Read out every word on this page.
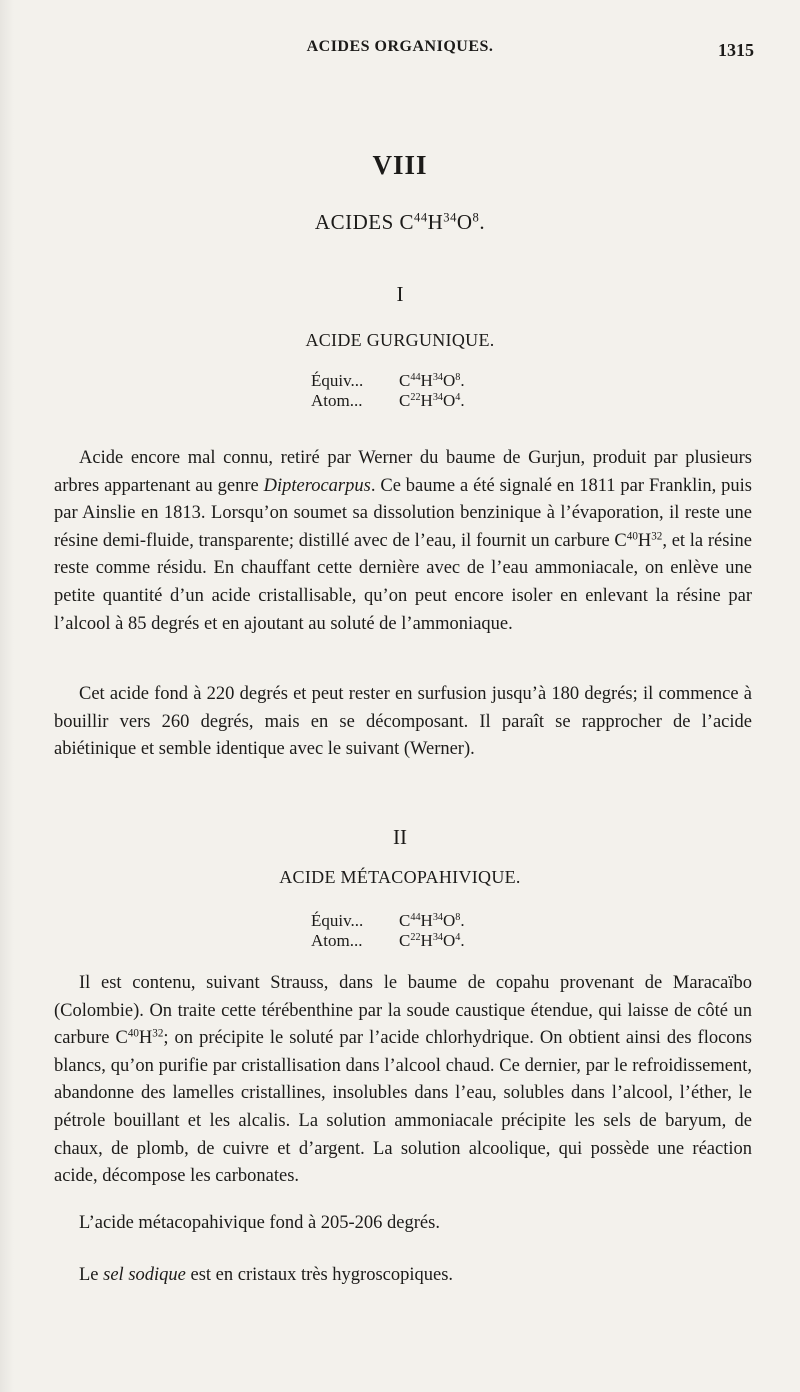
ACIDES ORGANIQUES.	1315
VIII
ACIDES $C^{44}H^{34}O^8$.
I
ACIDE GURGUNIQUE.
Équiv... $C^{44}H^{34}O^8$.
Atom... $C^{22}H^{34}O^4$.

Acide encore mal connu, retiré par Werner du baume de Gurjun, produit par plusieurs arbres appartenant au genre Dipterocarpus. Ce baume a été signalé en 1811 par Franklin, puis par Ainslie en 1813. Lorsqu’on soumet sa dissolution benzinique à l’évaporation, il reste une résine demi-fluide, transparente; distillé avec de l’eau, il fournit un carbure $C^{40}H^{32}$, et la résine reste comme résidu. En chauffant cette dernière avec de l’eau ammoniacale, on enlève une petite quantité d’un acide cristallisable, qu’on peut encore isoler en enlevant la résine par l’alcool à 85 degrés et en ajoutant au soluté de l’ammoniaque.

Cet acide fond à 220 degrés et peut rester en surfusion jusqu’à 180 degrés; il commence à bouillir vers 260 degrés, mais en se décomposant. Il paraît se rapprocher de l’acide abiétinique et semble identique avec le suivant (Werner).

II
ACIDE MÉTACOPAHIVIQUE.
Équiv... $C^{44}H^{34}O^8$.
Atom... $C^{22}H^{34}O^4$.

Il est contenu, suivant Strauss, dans le baume de copahu provenant de Maracaïbo (Colombie). On traite cette térébenthine par la soude caustique étendue, qui laisse de côté un carbure $C^{40}H^{32}$; on précipite le soluté par l’acide chlorhydrique. On obtient ainsi des flocons blancs, qu’on purifie par cristallisation dans l’alcool chaud. Ce dernier, par le refroidissement, abandonne des lamelles cristallines, insolubles dans l’eau, solubles dans l’alcool, l’éther, le pétrole bouillant et les alcalis. La solution ammoniacale précipite les sels de baryum, de chaux, de plomb, de cuivre et d’argent. La solution alcoolique, qui possède une réaction acide, décompose les carbonates.

L’acide métacopahivique fond à 205-206 degrés.

Le sel sodique est en cristaux très hygroscopiques.
